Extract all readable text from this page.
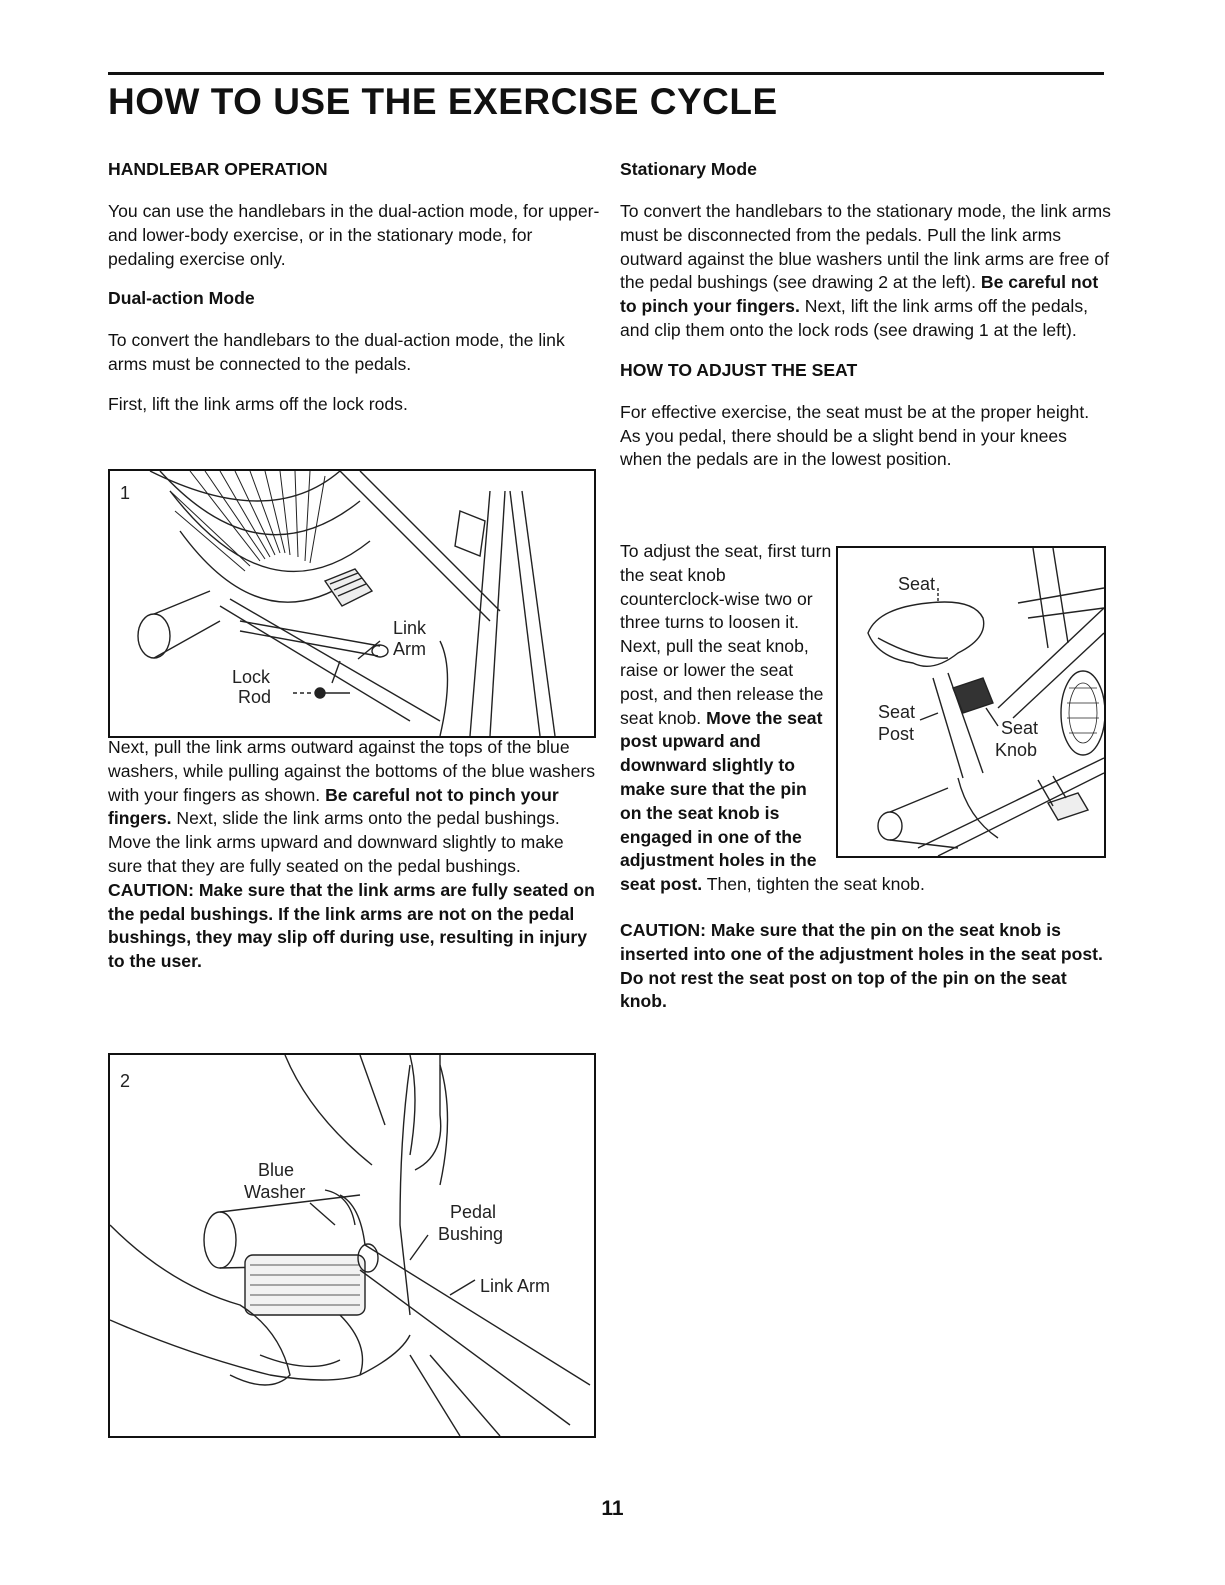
HOW TO USE THE EXERCISE CYCLE
HANDLEBAR OPERATION

You can use the handlebars in the dual-action mode, for upper- and lower-body exercise, or in the stationary mode, for pedaling exercise only.

Dual-action Mode

To convert the handlebars to the dual-action mode, the link arms must be connected to the pedals.

First, lift the link arms off the lock rods.

1
Link
Arm
Lock
Rod

Next, pull the link arms outward against the tops of the blue washers, while pulling against the bottoms of the blue washers with your fingers as shown. Be careful not to pinch your fingers. Next, slide the link arms onto the pedal bushings. Move the link arms upward and downward slightly to make sure that they are fully seated on the pedal bushings. CAUTION: Make sure that the link arms are fully seated on the pedal bushings. If the link arms are not on the pedal bushings, they may slip off during use, resulting in injury to the user.

2
Blue
Washer
Pedal
Bushing
Link Arm
Stationary Mode

To convert the handlebars to the stationary mode, the link arms must be disconnected from the pedals. Pull the link arms outward against the blue washers until the link arms are free of the pedal bushings (see drawing 2 at the left). Be careful not to pinch your fingers. Next, lift the link arms off the pedals, and clip them onto the lock rods (see drawing 1 at the left).

HOW TO ADJUST THE SEAT

For effective exercise, the seat must be at the proper height. As you pedal, there should be a slight bend in your knees when the pedals are in the lowest position.

Seat
Seat
Post	Seat
Knob

To adjust the seat, first turn the seat knob counterclock-wise two or three turns to loosen it. Next, pull the seat knob, raise or lower the seat post, and then release the seat knob. Move the seat post upward and downward slightly to make sure that the pin on the seat knob is engaged in one of the adjustment holes in the seat post. Then, tighten the seat knob.

CAUTION: Make sure that the pin on the seat knob is inserted into one of the adjustment holes in the seat post. Do not rest the seat post on top of the pin on the seat knob.

11
